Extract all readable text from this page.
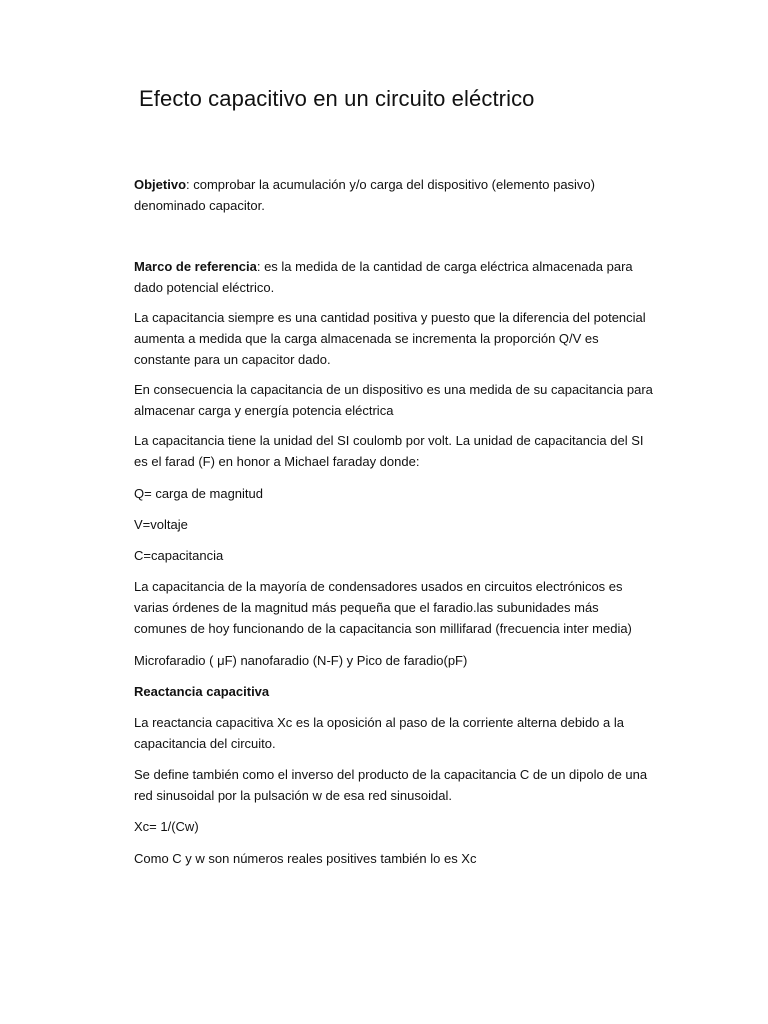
Efecto capacitivo en un circuito eléctrico

Objetivo: comprobar la acumulación y/o carga del dispositivo (elemento pasivo) denominado capacitor.

Marco de referencia: es la medida de la cantidad de carga eléctrica almacenada para dado potencial eléctrico.

La capacitancia siempre es una cantidad positiva y puesto que la diferencia del potencial aumenta a medida que la carga almacenada se incrementa la proporción Q/V es constante para un capacitor dado.

En consecuencia la capacitancia de un dispositivo es una medida de su capacitancia para almacenar carga y energía potencia eléctrica

La capacitancia tiene la unidad del SI coulomb por volt. La unidad de capacitancia del SI es el farad (F) en honor a Michael faraday donde:

Q= carga de magnitud

V=voltaje

C=capacitancia

La capacitancia de la mayoría de condensadores usados en circuitos electrónicos es varias órdenes de la magnitud más pequeña que el faradio.las subunidades más comunes de hoy funcionando de la capacitancia son millifarad (frecuencia inter media)

Microfaradio ( μF) nanofaradio (N-F) y Pico de faradio(pF)

Reactancia capacitiva

La reactancia capacitiva Xc es la oposición al paso de la corriente alterna debido a la capacitancia del circuito.

Se define también como el inverso del producto de la capacitancia C de un dipolo de una red sinusoidal por la pulsación w de esa red sinusoidal.

Xc= 1/(Cw)

Como C y w son números reales positives también lo es Xc
